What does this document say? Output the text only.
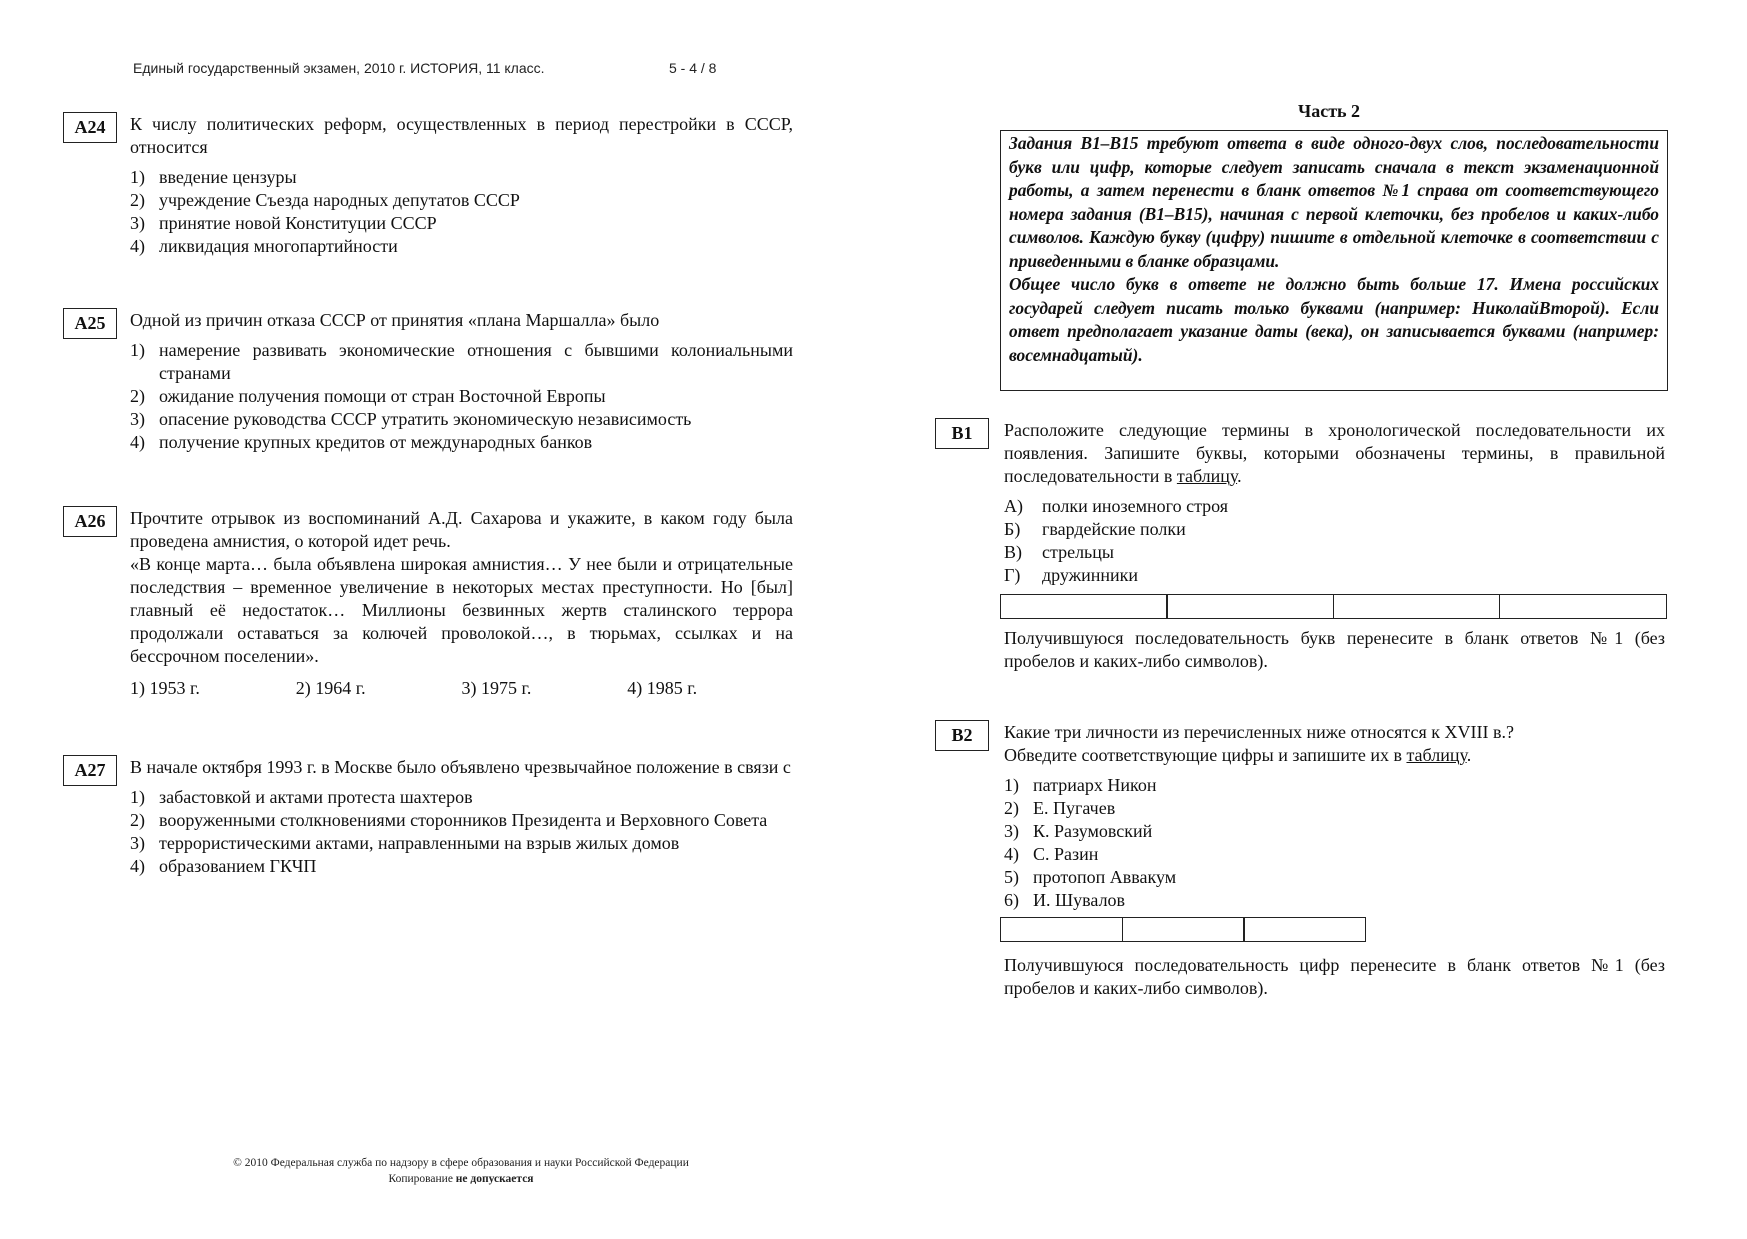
Единый государственный экзамен, 2010 г. ИСТОРИЯ, 11 класс.	5 - 4 / 8
А24	К числу политических реформ, осуществленных в период перестройки в СССР, относится
1) введение цензуры
2) учреждение Съезда народных депутатов СССР
3) принятие новой Конституции СССР
4) ликвидация многопартийности
А25	Одной из причин отказа СССР от принятия «плана Маршалла» было
1) намерение развивать экономические отношения с бывшими колониальными странами
2) ожидание получения помощи от стран Восточной Европы
3) опасение руководства СССР утратить экономическую независимость
4) получение крупных кредитов от международных банков
А26	Прочтите отрывок из воспоминаний А.Д. Сахарова и укажите, в каком году была проведена амнистия, о которой идет речь.
«В конце марта… была объявлена широкая амнистия… У нее были и отрицательные последствия – временное увеличение в некоторых местах преступности. Но [был] главный её недостаток… Миллионы безвинных жертв сталинского террора продолжали оставаться за колючей проволокой…, в тюрьмах, ссылках и на бессрочном поселении».
1) 1953 г.	2) 1964 г.	3) 1975 г.	4) 1985 г.
А27	В начале октября 1993 г. в Москве было объявлено чрезвычайное положение в связи с
1) забастовкой и актами протеста шахтеров
2) вооруженными столкновениями сторонников Президента и Верховного Совета
3) террористическими актами, направленными на взрыв жилых домов
4) образованием ГКЧП
Часть 2

Задания В1–В15 требуют ответа в виде одного-двух слов, последовательности букв или цифр, которые следует записать сначала в текст экзаменационной работы, а затем перенести в бланк ответов №1 справа от соответствующего номера задания (В1–В15), начиная с первой клеточки, без пробелов и каких-либо символов. Каждую букву (цифру) пишите в отдельной клеточке в соответствии с приведенными в бланке образцами.

Общее число букв в ответе не должно быть больше 17. Имена российских государей следует писать только буквами (например: НиколайВторой). Если ответ предполагает указание даты (века), он записывается буквами (например: восемнадцатый).

В1	Расположите следующие термины в хронологической последовательности их появления. Запишите буквы, которыми обозначены термины, в правильной последовательности в таблицу.
А)	полки иноземного строя
Б)	гвардейские полки
В)	стрельцы
Г)	дружинники
Получившуюся последовательность букв перенесите в бланк ответов №1 (без пробелов и каких-либо символов).
В2	Какие три личности из перечисленных ниже относятся к XVIII в.?
Обведите соответствующие цифры и запишите их в таблицу.
1) патриарх Никон
2) Е. Пугачев
3) К. Разумовский
4) С. Разин
5) протопоп Аввакум
6) И. Шувалов
Получившуюся последовательность цифр перенесите в бланк ответов №1 (без пробелов и каких-либо символов).
© 2010 Федеральная служба по надзору в сфере образования и науки Российской Федерации
Копирование не допускается
